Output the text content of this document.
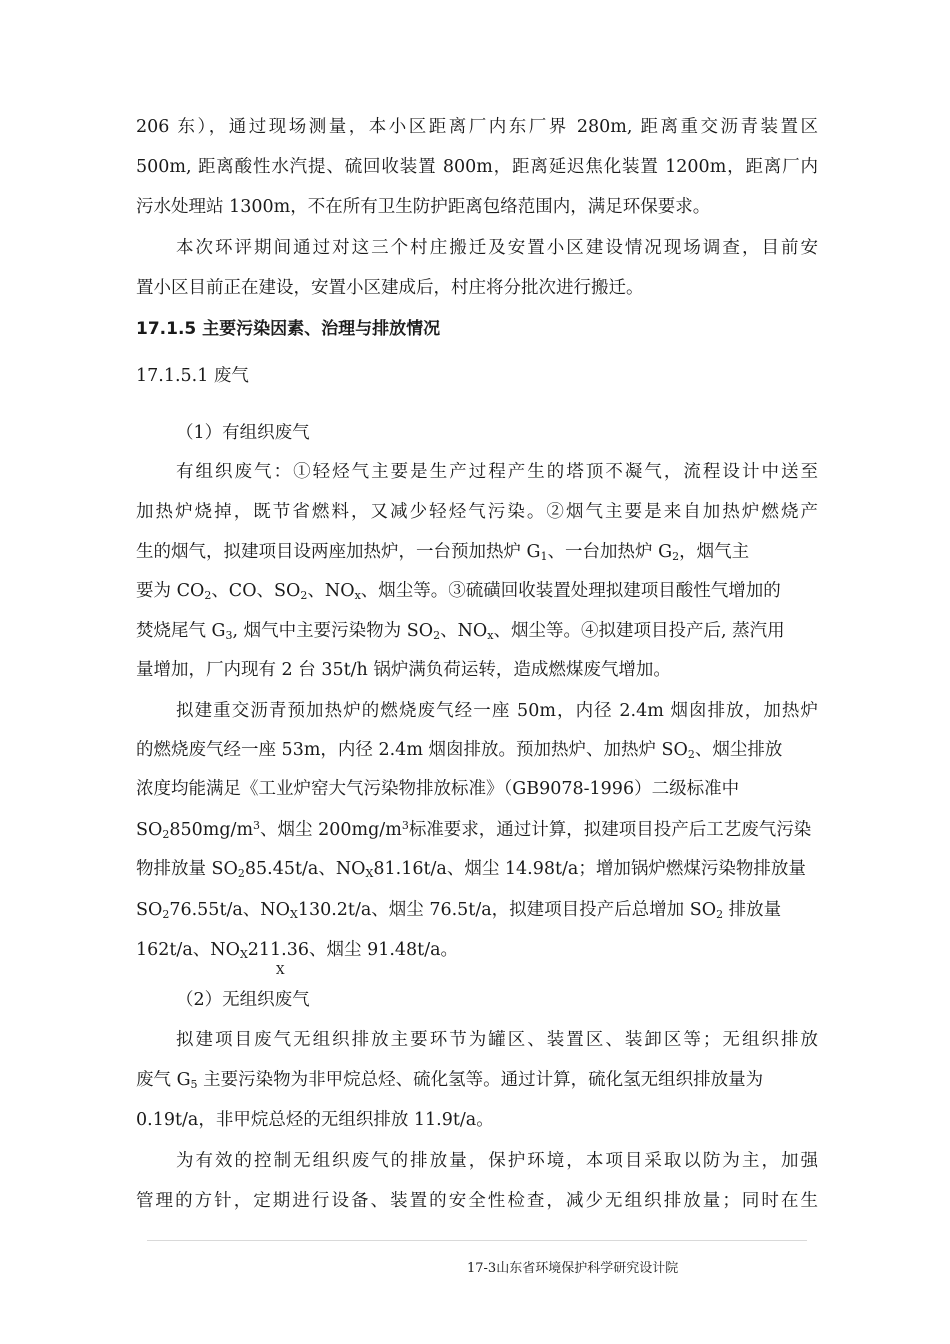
206 东），通过现场测量，本小区距离厂内东厂界 280m, 距离重交沥青装置区
500m, 距离酸性水汽提、硫回收装置 800m，距离延迟焦化装置 1200m，距离厂内
污水处理站 1300m，不在所有卫生防护距离包络范围内，满足环保要求。
本次环评期间通过对这三个村庄搬迁及安置小区建设情况现场调查，目前安
置小区目前正在建设，安置小区建成后，村庄将分批次进行搬迁。
17.1.5 主要污染因素、治理与排放情况
17.1.5.1 废气
（1）有组织废气
有组织废气：①轻烃气主要是生产过程产生的塔顶不凝气，流程设计中送至
加热炉烧掉，既节省燃料，又减少轻烃气污染。②烟气主要是来自加热炉燃烧产
生的烟气，拟建项目设两座加热炉，一台预加热炉 $G_1$、一台加热炉 $G_2$，烟气主
要为 $CO_2$、CO、$SO_2$、$NO_x$、烟尘等。③硫磺回收装置处理拟建项目酸性气增加的
焚烧尾气 $G_3$, 烟气中主要污染物为 $SO_2$、$NO_x$、烟尘等。④拟建项目投产后, 蒸汽用
量增加，厂内现有 2 台 35t/h 锅炉满负荷运转，造成燃煤废气增加。
拟建重交沥青预加热炉的燃烧废气经一座 50m，内径 2.4m 烟囱排放，加热炉
的燃烧废气经一座 53m，内径 2.4m 烟囱排放。预加热炉、加热炉 $SO_2$、烟尘排放
浓度均能满足《工业炉窑大气污染物排放标准》（GB9078-1996）二级标准中
$SO_2850mg/m^3$、烟尘 $200mg/m^3$标准要求，通过计算，拟建项目投产后工艺废气污染
物排放量 $SO_285.45t/a$、$NO_X81.16t/a$、烟尘 14.98t/a；增加锅炉燃煤污染物排放量
$SO_276.55t/a$、$NO_X130.2t/a$、烟尘 76.5t/a，拟建项目投产后总增加 $SO_2$ 排放量
162t/a、$NO_X211.36$、烟尘 91.48t/a。
X
（2）无组织废气
拟建项目废气无组织排放主要环节为罐区、装置区、装卸区等；无组织排放
废气 $G_5$ 主要污染物为非甲烷总烃、硫化氢等。通过计算，硫化氢无组织排放量为
0.19t/a，非甲烷总烃的无组织排放 11.9t/a。
为有效的控制无组织废气的排放量，保护环境，本项目采取以防为主，加强
管理的方针，定期进行设备、装置的安全性检查，减少无组织排放量；同时在生
17-3山东省环境保护科学研究设计院
